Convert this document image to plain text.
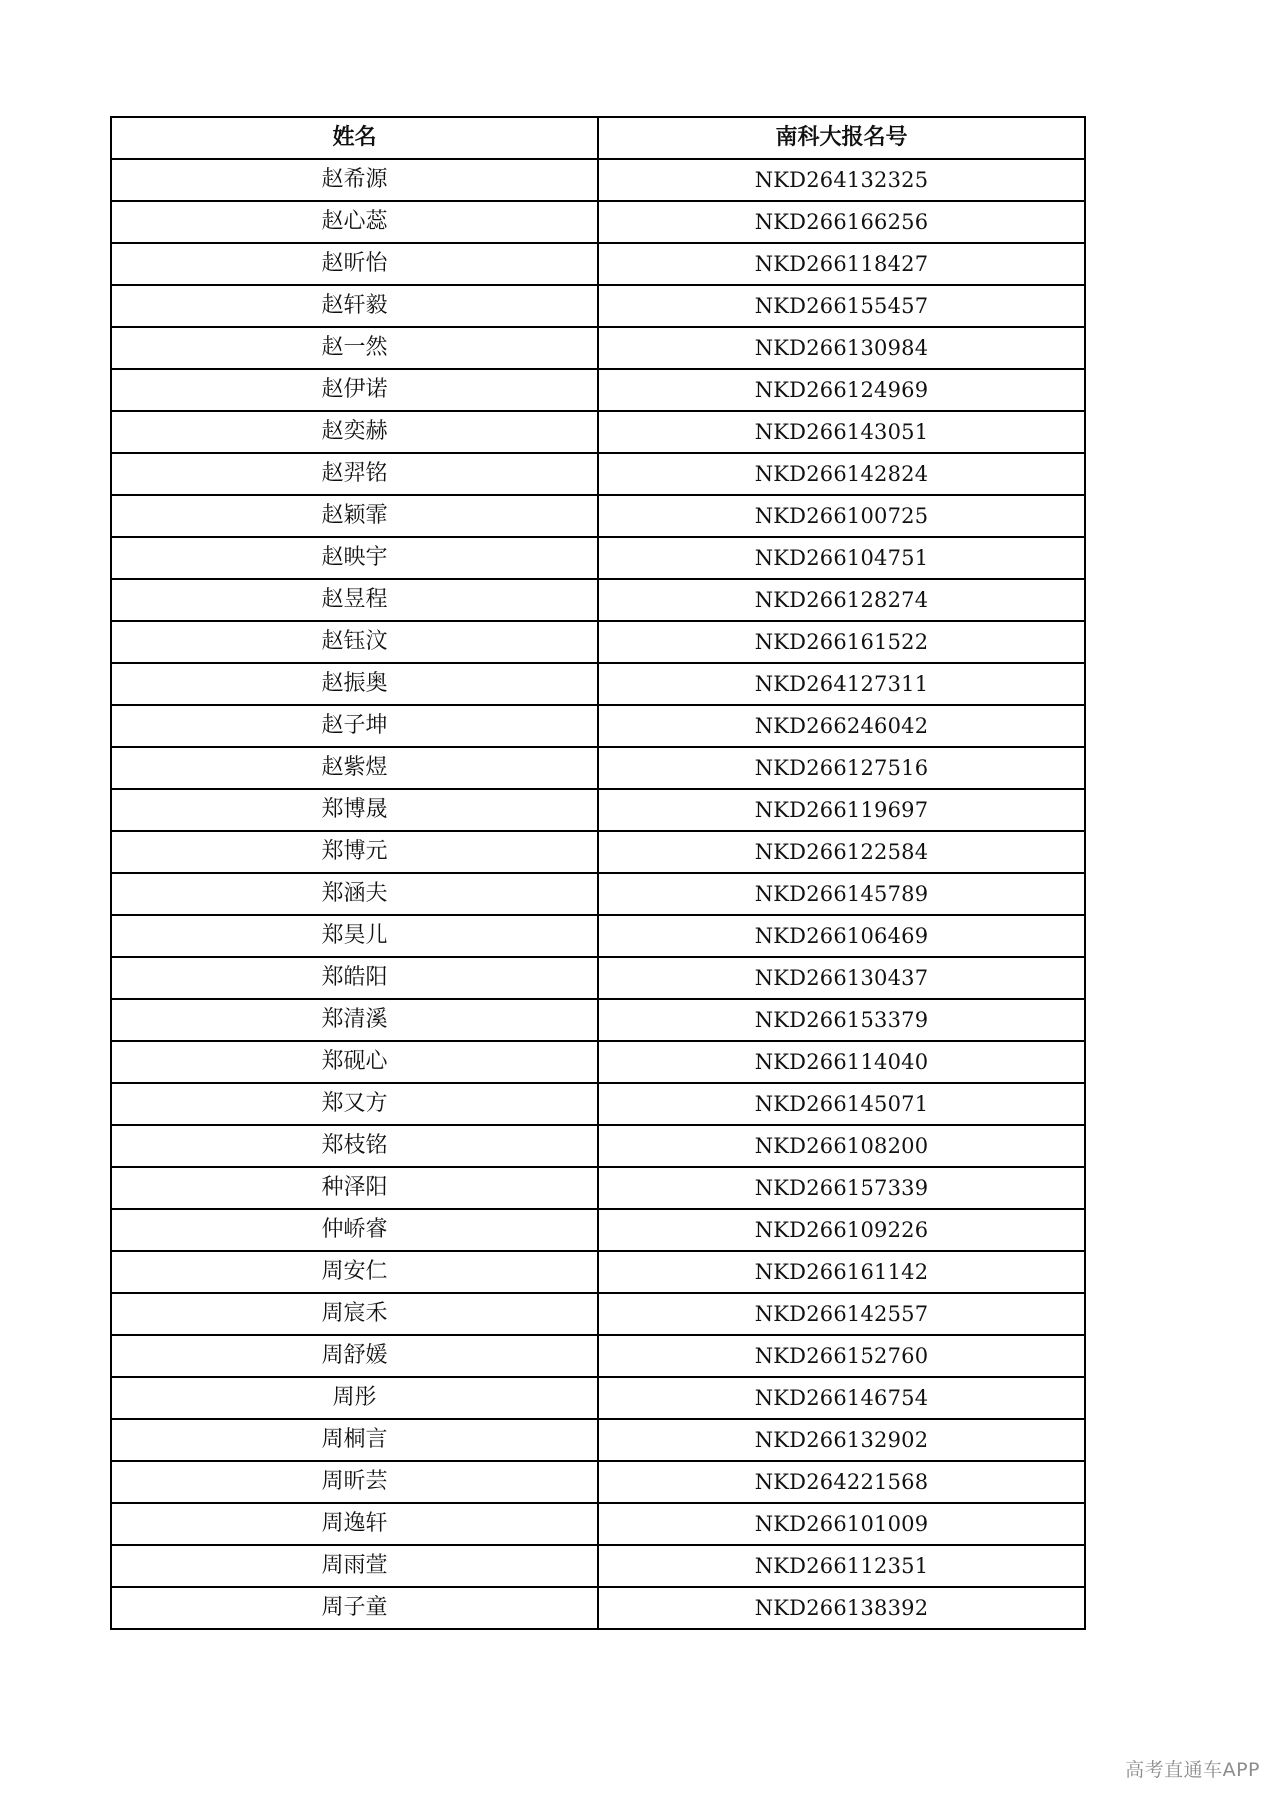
姓名	南科大报名号
赵希源	NKD264132325
赵心蕊	NKD266166256
赵昕怡	NKD266118427
赵轩毅	NKD266155457
赵一然	NKD266130984
赵伊诺	NKD266124969
赵奕赫	NKD266143051
赵羿铭	NKD266142824
赵颖霏	NKD266100725
赵映宇	NKD266104751
赵昱程	NKD266128274
赵钰汶	NKD266161522
赵振奥	NKD264127311
赵子坤	NKD266246042
赵紫煜	NKD266127516
郑博晟	NKD266119697
郑博元	NKD266122584
郑涵夫	NKD266145789
郑昊儿	NKD266106469
郑皓阳	NKD266130437
郑清溪	NKD266153379
郑砚心	NKD266114040
郑又方	NKD266145071
郑枝铭	NKD266108200
种泽阳	NKD266157339
仲峤睿	NKD266109226
周安仁	NKD266161142
周宸禾	NKD266142557
周舒媛	NKD266152760
周彤	NKD266146754
周桐言	NKD266132902
周昕芸	NKD264221568
周逸轩	NKD266101009
周雨萱	NKD266112351
周子童	NKD266138392
高考直通车APP
